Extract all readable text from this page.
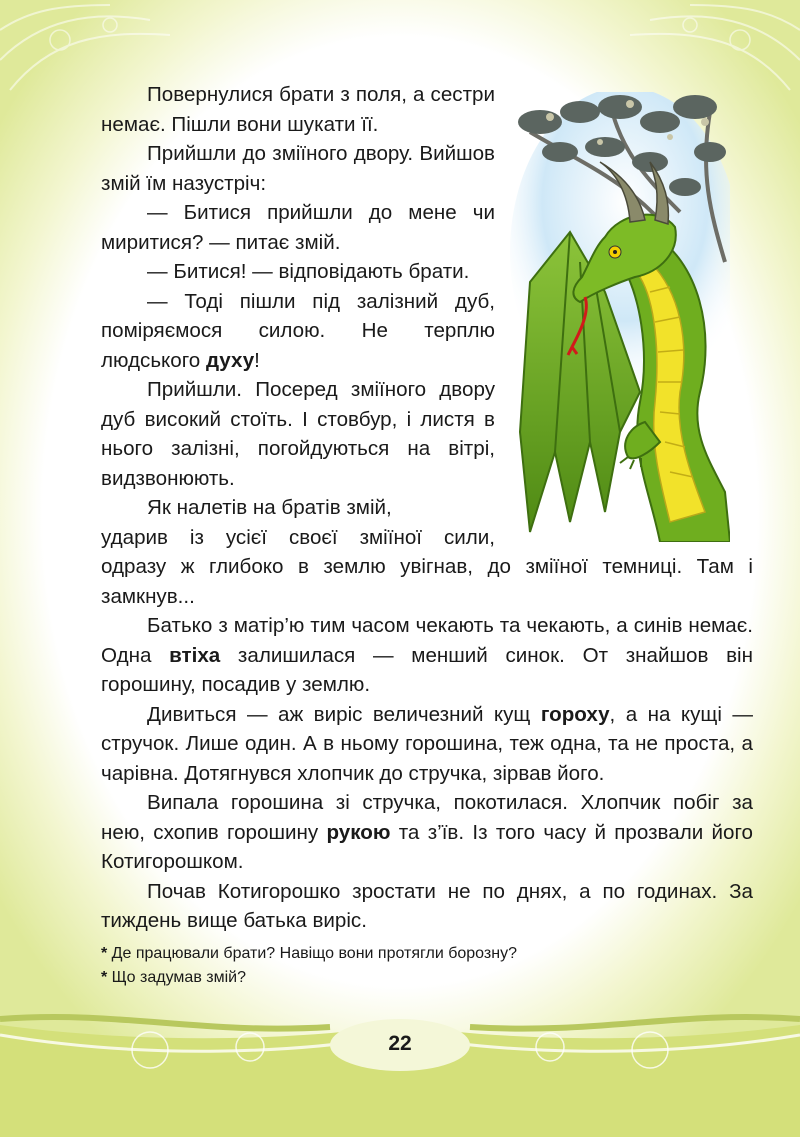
Повернулися брати з поля, а сестри немає. Пішли вони шукати її.

Прийшли до зміїного двору. Вийшов змій їм назустріч:

— Битися прийшли до мене чи миритися? — питає змій.

— Битися! — відповідають брати.

— Тоді пішли під залізний дуб, поміряємося силою. Не терплю людського духу!

Прийшли. Посеред зміїного двору дуб високий стоїть. І стовбур, і листя в нього залізні, погойдуються на вітрі, видзвонюють.

Як налетів на братів змій,

ударив із усієї своєї зміїної сили,

одразу ж глибоко в землю увігнав, до зміїної темниці. Там і замкнув...

Батько з матір’ю тим часом чекають та чекають, а синів немає. Одна втіха залишилася — менший синок. От знайшов він горошину, посадив у землю.

Дивиться — аж виріс величезний кущ гороху, а на кущі — стручок. Лише один. А в ньому горошина, теж одна, та не проста, а чарівна. Дотягнувся хлопчик до стручка, зірвав його.

Випала горошина зі стручка, покотилася. Хлопчик побіг за нею, схопив горошину рукою та з’їв. Із того часу й прозвали його Котигорошком.

Почав Котигорошко зростати не по днях, а по годинах. За тиждень вище батька виріс.

* Де працювали брати? Навіщо вони протягли борозну?

* Що задумав змій?

22
